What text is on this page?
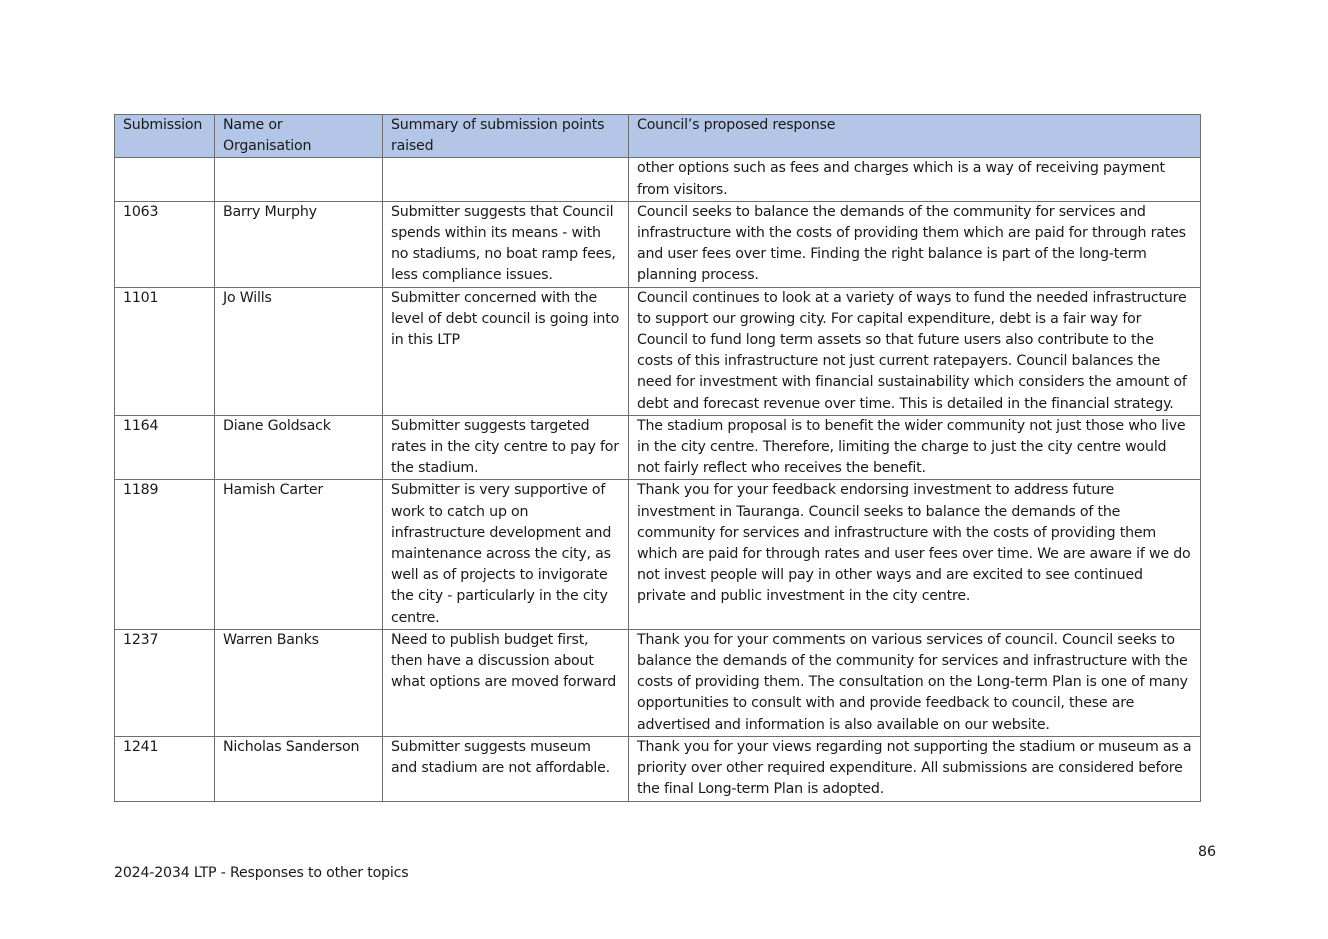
Submission	Name or Organisation	Summary of submission points raised	Council’s proposed response
			other options such as fees and charges which is a way of receiving payment from visitors.
1063	Barry Murphy	Submitter suggests that Council spends within its means - with no stadiums, no boat ramp fees, less compliance issues.	Council seeks to balance the demands of the community for services and infrastructure with the costs of providing them which are paid for through rates and user fees over time. Finding the right balance is part of the long-term planning process.
1101	Jo Wills	Submitter concerned with the level of debt council is going into in this LTP	Council continues to look at a variety of ways to fund the needed infrastructure to support our growing city. For capital expenditure, debt is a fair way for Council to fund long term assets so that future users also contribute to the costs of this infrastructure not just current ratepayers. Council balances the need for investment with financial sustainability which considers the amount of debt and forecast revenue over time. This is detailed in the financial strategy.
1164	Diane Goldsack	Submitter suggests targeted rates in the city centre to pay for the stadium.	The stadium proposal is to benefit the wider community not just those who live in the city centre. Therefore, limiting the charge to just the city centre would not fairly reflect who receives the benefit.
1189	Hamish Carter	Submitter is very supportive of work to catch up on infrastructure development and maintenance across the city, as well as of projects to invigorate the city - particularly in the city centre.	Thank you for your feedback endorsing investment to address future investment in Tauranga. Council seeks to balance the demands of the community for services and infrastructure with the costs of providing them which are paid for through rates and user fees over time. We are aware if we do not invest people will pay in other ways and are excited to see continued private and public investment in the city centre.
1237	Warren Banks	Need to publish budget first, then have a discussion about what options are moved forward	Thank you for your comments on various services of council. Council seeks to balance the demands of the community for services and infrastructure with the costs of providing them. The consultation on the Long-term Plan is one of many opportunities to consult with and provide feedback to council, these are advertised and information is also available on our website.
1241	Nicholas Sanderson	Submitter suggests museum and stadium are not affordable.	Thank you for your views regarding not supporting the stadium or museum as a priority over other required expenditure. All submissions are considered before the final Long-term Plan is adopted.
86
2024-2034 LTP - Responses to other topics
